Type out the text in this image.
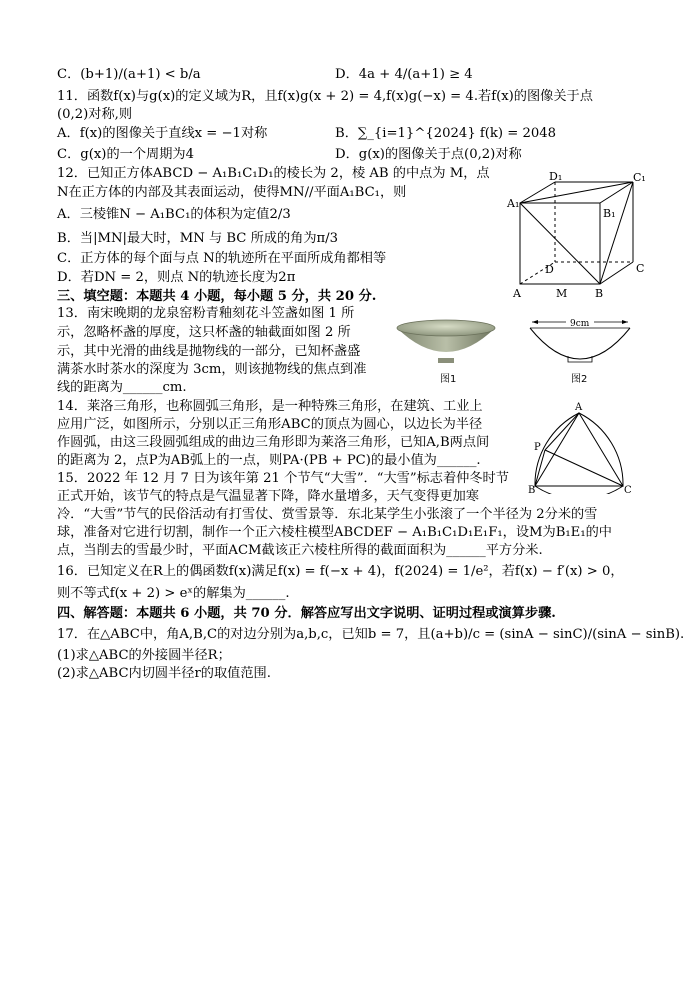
C．(b+1)/(a+1) < b/a	D．4a + 4/(a+1) ≥ 4
11．函数f(x)与g(x)的定义域为R，且f(x)g(x + 2) = 4,f(x)g(−x) = 4.若f(x)的图像关于点
(0,2)对称,则
A．f(x)的图像关于直线x = −1对称	B．∑_{i=1}^{2024} f(k) = 2048
C．g(x)的一个周期为4	D．g(x)的图像关于点(0,2)对称
12．已知正方体ABCD − A₁B₁C₁D₁的棱长为 2，棱 AB 的中点为 M，点
N在正方体的内部及其表面运动，使得MN//平面A₁BC₁，则
A．三棱锥N − A₁BC₁的体积为定值2/3
B．当|MN|最大时，MN 与 BC 所成的角为π/3
C．正方体的每个面与点 N的轨迹所在平面所成角都相等
D．若DN = 2，则点 N的轨迹长度为2π
三、填空题：本题共 4 小题，每小题 5 分，共 20 分.
13．南宋晚期的龙泉窑粉青釉刻花斗笠盏如图 1 所
示，忽略杯盏的厚度，这只杯盏的轴截面如图 2 所
示，其中光滑的曲线是抛物线的一部分，已知杯盏盛
满茶水时茶水的深度为 3cm，则该抛物线的焦点到准
线的距离为______cm.
14．莱洛三角形，也称圆弧三角形，是一种特殊三角形，在建筑、工业上
应用广泛，如图所示，分别以正三角形ABC的顶点为圆心，以边长为半径
作圆弧，由这三段圆弧组成的曲边三角形即为莱洛三角形，已知A,B两点间
的距离为 2，点P为AB弧上的一点，则PA·(PB + PC)的最小值为______.
15．2022 年 12 月 7 日为该年第 21 个节气“大雪”．“大雪”标志着仲冬时节
正式开始，该节气的特点是气温显著下降，降水量增多，天气变得更加寒
冷．“大雪”节气的民俗活动有打雪仗、赏雪景等．东北某学生小张滚了一个半径为 2分米的雪
球，准备对它进行切割，制作一个正六棱柱模型ABCDEF − A₁B₁C₁D₁E₁F₁，设M为B₁E₁的中
点，当削去的雪最少时，平面ACM截该正六棱柱所得的截面面积为______平方分米.
16．已知定义在R上的偶函数f(x)满足f(x) = f(−x + 4)，f(2024) = 1/e²，若f(x) − f′(x) > 0，
则不等式f(x + 2) > eˣ的解集为______.
四、解答题：本题共 6 小题，共 70 分．解答应写出文字说明、证明过程或演算步骤.
17．在△ABC中，角A,B,C的对边分别为a,b,c，已知b = 7，且(a+b)/c = (sinA − sinC)/(sinA − sinB).
(1)求△ABC的外接圆半径R；
(2)求△ABC内切圆半径r的取值范围.
D₁	C₁
A₁
B₁
D	C
A	M	B
图1
9cm
图2
A
P
B	C
